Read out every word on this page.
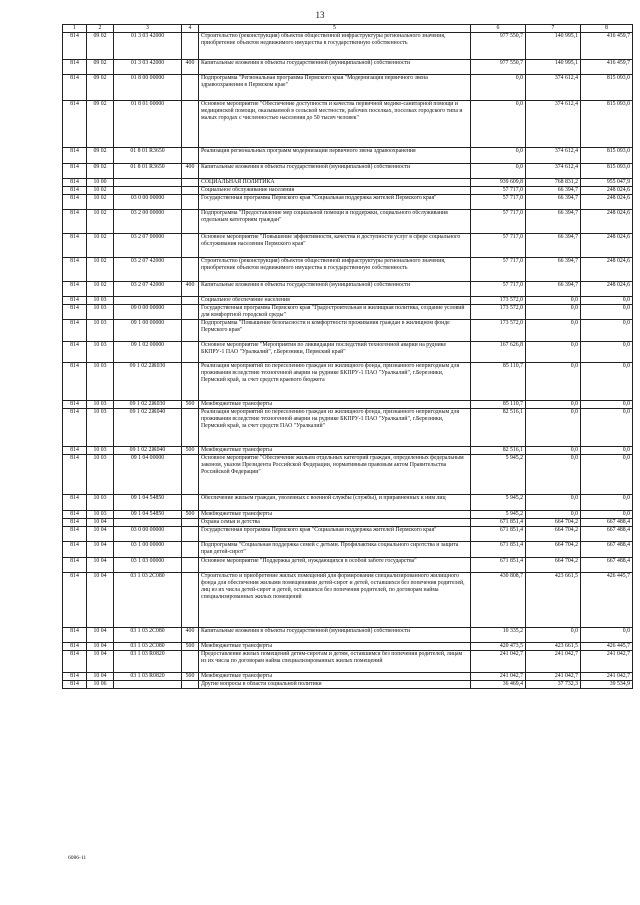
13
1	2	3	4	5	6	7	8
814	09 02	01 3 03 42000		Строительство (реконструкция) объектов общественной инфраструктуры регионального значения, приобретение объектов недвижимого имущества в государственную собственность	977 550,7	140 995,1	416 459,7
814	09 02	01 3 03 42000	400	Капитальные вложения в объекты государственной (муниципальной) собственности	977 550,7	140 995,1	416 459,7
814	09 02	01 8 00 00000		Подпрограмма "Региональная программа Пермского края "Модернизация первичного звена здравоохранения в Пермском крае"	0,0	374 612,4	815 093,0
814	09 02	01 8 01 00000		Основное мероприятие "Обеспечение доступности и качества первичной медико-санитарной помощи и медицинской помощи, оказываемой в сельской местности, рабочих поселках, поселках городского типа и малых городах с численностью населения до 50 тысяч человек"	0,0	374 612,4	815 093,0
814	09 02	01 8 01 R3650		Реализация региональных программ модернизации первичного звена здравоохранения	0,0	374 612,4	815 093,0
814	09 02	01 8 01 R3650	400	Капитальные вложения в объекты государственной (муниципальной) собственности	0,0	374 612,4	815 093,0
814	10 00			СОЦИАЛЬНАЯ ПОЛИТИКА	939 609,8	768 831,2	955 047,9
814	10 02			Социальное обслуживание населения	57 717,0	66 394,7	248 024,6
814	10 02	03 0 00 00000		Государственная программа Пермского края "Социальная поддержка жителей Пермского края"	57 717,0	66 394,7	248 024,6
814	10 02	03 2 00 00000		Подпрограмма "Предоставление мер социальной помощи и поддержки, социального обслуживания отдельным категориям граждан"	57 717,0	66 394,7	248 024,6
814	10 02	03 2 07 00000		Основное мероприятие "Повышение эффективности, качества и доступности услуг в сфере социального обслуживания населения Пермского края"	57 717,0	66 394,7	248 024,6
814	10 02	03 2 07 42000		Строительство (реконструкция) объектов общественной инфраструктуры регионального значения, приобретение объектов недвижимого имущества в государственную собственность	57 717,0	66 394,7	248 024,6
814	10 02	03 2 07 42000	400	Капитальные вложения в объекты государственной (муниципальной) собственности	57 717,0	66 394,7	248 024,6
814	10 03			Социальное обеспечение населения	173 572,0	0,0	0,0
814	10 03	09 0 00 00000		Государственная программа Пермского края "Градостроительная и жилищная политика, создание условий для комфортной городской среды"	173 572,0	0,0	0,0
814	10 03	09 1 00 00000		Подпрограмма "Повышение безопасности и комфортности проживания граждан в жилищном фонде Пермского края"	173 572,0	0,0	0,0
814	10 03	09 1 02 00000		Основное мероприятие "Мероприятия по ликвидации последствий техногенной аварии на руднике БКПРУ-1 ПАО "Уралкалий", г.Березники, Пермский край"	167 626,8	0,0	0,0
814	10 03	09 1 02 2Ж030		Реализация мероприятий по переселению граждан из жилищного фонда, признанного непригодным для проживания вследствие техногенной аварии на руднике БКПРУ-1 ПАО "Уралкалий", г.Березники, Пермский край, за счет средств краевого бюджета	85 110,7	0,0	0,0
814	10 03	09 1 02 2Ж030	500	Межбюджетные трансферты	85 110,7	0,0	0,0
814	10 03	09 1 02 2Ж040		Реализация мероприятий по переселению граждан из жилищного фонда, признанного непригодным для проживания вследствие техногенной аварии на руднике БКПРУ-1 ПАО "Уралкалий", г.Березники, Пермский край, за счет средств ПАО "Уралкалий"	82 516,1	0,0	0,0
814	10 03	09 1 02 2Ж040	500	Межбюджетные трансферты	82 516,1	0,0	0,0
814	10 03	09 1 04 00000		Основное мероприятие "Обеспечение жильем отдельных категорий граждан, определенных федеральным законом, указом Президента Российской Федерации, нормативным правовым актом Правительства Российской Федерации"	5 945,2	0,0	0,0
814	10 03	09 1 04 54850		Обеспечение жильем граждан, уволенных с военной службы (службы), и приравненных к ним лиц	5 945,2	0,0	0,0
814	10 03	09 1 04 54850	500	Межбюджетные трансферты	5 945,2	0,0	0,0
814	10 04			Охрана семьи и детства	671 851,4	664 704,2	667 488,4
814	10 04	03 0 00 00000		Государственная программа Пермского края "Социальная поддержка жителей Пермского края"	671 851,4	664 704,2	667 488,4
814	10 04	03 1 00 00000		Подпрограмма "Социальная поддержка семей с детьми. Профилактика социального сиротства и защита прав детей-сирот"	671 851,4	664 704,2	667 488,4
814	10 04	03 1 03 00000		Основное мероприятие "Поддержка детей, нуждающихся в особой заботе государства"	671 851,4	664 704,2	667 488,4
814	10 04	03 1 03 2C080		Строительство и приобретение жилых помещений для формирования специализированного жилищного фонда для обеспечения жилыми помещениями детей-сирот и детей, оставшихся без попечения родителей, лиц из их числа детей-сирот и детей, оставшихся без попечения родителей, по договорам найма специализированных жилых помещений	430 808,7	423 661,5	426 445,7
814	10 04	03 1 03 2C080	400	Капитальные вложения в объекты государственной (муниципальной) собственности	10 335,2	0,0	0,0
814	10 04	03 1 03 2C080	500	Межбюджетные трансферты	420 473,5	423 661,5	426 445,7
814	10 04	03 1 03 R0820		Предоставление жилых помещений детям-сиротам и детям, оставшимся без попечения родителей, лицам из их числа по договорам найма специализированных жилых помещений	241 042,7	241 042,7	241 042,7
814	10 04	03 1 03 R0820	500	Межбюджетные трансферты	241 042,7	241 042,7	241 042,7
814	10 06			Другие вопросы в области социальной политики	36 469,4	37 732,3	39 534,9
6086-11
